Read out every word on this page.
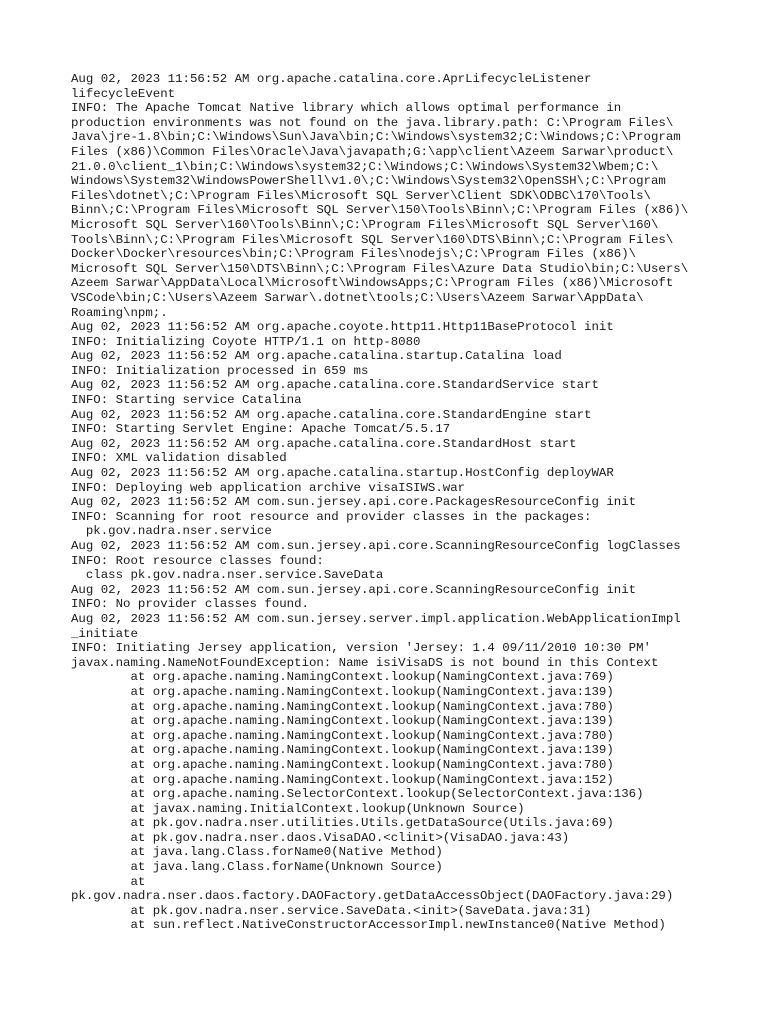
Aug 02, 2023 11:56:52 AM org.apache.catalina.core.AprLifecycleListener
lifecycleEvent
INFO: The Apache Tomcat Native library which allows optimal performance in
production environments was not found on the java.library.path: C:\Program Files\
Java\jre-1.8\bin;C:\Windows\Sun\Java\bin;C:\Windows\system32;C:\Windows;C:\Program
Files (x86)\Common Files\Oracle\Java\javapath;G:\app\client\Azeem Sarwar\product\
21.0.0\client_1\bin;C:\Windows\system32;C:\Windows;C:\Windows\System32\Wbem;C:\
Windows\System32\WindowsPowerShell\v1.0\;C:\Windows\System32\OpenSSH\;C:\Program
Files\dotnet\;C:\Program Files\Microsoft SQL Server\Client SDK\ODBC\170\Tools\
Binn\;C:\Program Files\Microsoft SQL Server\150\Tools\Binn\;C:\Program Files (x86)\
Microsoft SQL Server\160\Tools\Binn\;C:\Program Files\Microsoft SQL Server\160\
Tools\Binn\;C:\Program Files\Microsoft SQL Server\160\DTS\Binn\;C:\Program Files\
Docker\Docker\resources\bin;C:\Program Files\nodejs\;C:\Program Files (x86)\
Microsoft SQL Server\150\DTS\Binn\;C:\Program Files\Azure Data Studio\bin;C:\Users\
Azeem Sarwar\AppData\Local\Microsoft\WindowsApps;C:\Program Files (x86)\Microsoft
VSCode\bin;C:\Users\Azeem Sarwar\.dotnet\tools;C:\Users\Azeem Sarwar\AppData\
Roaming\npm;.
Aug 02, 2023 11:56:52 AM org.apache.coyote.http11.Http11BaseProtocol init
INFO: Initializing Coyote HTTP/1.1 on http-8080
Aug 02, 2023 11:56:52 AM org.apache.catalina.startup.Catalina load
INFO: Initialization processed in 659 ms
Aug 02, 2023 11:56:52 AM org.apache.catalina.core.StandardService start
INFO: Starting service Catalina
Aug 02, 2023 11:56:52 AM org.apache.catalina.core.StandardEngine start
INFO: Starting Servlet Engine: Apache Tomcat/5.5.17
Aug 02, 2023 11:56:52 AM org.apache.catalina.core.StandardHost start
INFO: XML validation disabled
Aug 02, 2023 11:56:52 AM org.apache.catalina.startup.HostConfig deployWAR
INFO: Deploying web application archive visaISIWS.war
Aug 02, 2023 11:56:52 AM com.sun.jersey.api.core.PackagesResourceConfig init
INFO: Scanning for root resource and provider classes in the packages:
pk.gov.nadra.nser.service
Aug 02, 2023 11:56:52 AM com.sun.jersey.api.core.ScanningResourceConfig logClasses
INFO: Root resource classes found:
class pk.gov.nadra.nser.service.SaveData
Aug 02, 2023 11:56:52 AM com.sun.jersey.api.core.ScanningResourceConfig init
INFO: No provider classes found.
Aug 02, 2023 11:56:52 AM com.sun.jersey.server.impl.application.WebApplicationImpl
_initiate
INFO: Initiating Jersey application, version 'Jersey: 1.4 09/11/2010 10:30 PM'
javax.naming.NameNotFoundException: Name isiVisaDS is not bound in this Context
at org.apache.naming.NamingContext.lookup(NamingContext.java:769)
at org.apache.naming.NamingContext.lookup(NamingContext.java:139)
at org.apache.naming.NamingContext.lookup(NamingContext.java:780)
at org.apache.naming.NamingContext.lookup(NamingContext.java:139)
at org.apache.naming.NamingContext.lookup(NamingContext.java:780)
at org.apache.naming.NamingContext.lookup(NamingContext.java:139)
at org.apache.naming.NamingContext.lookup(NamingContext.java:780)
at org.apache.naming.NamingContext.lookup(NamingContext.java:152)
at org.apache.naming.SelectorContext.lookup(SelectorContext.java:136)
at javax.naming.InitialContext.lookup(Unknown Source)
at pk.gov.nadra.nser.utilities.Utils.getDataSource(Utils.java:69)
at pk.gov.nadra.nser.daos.VisaDAO.<clinit>(VisaDAO.java:43)
at java.lang.Class.forName0(Native Method)
at java.lang.Class.forName(Unknown Source)
at
pk.gov.nadra.nser.daos.factory.DAOFactory.getDataAccessObject(DAOFactory.java:29)
at pk.gov.nadra.nser.service.SaveData.<init>(SaveData.java:31)
at sun.reflect.NativeConstructorAccessorImpl.newInstance0(Native Method)
